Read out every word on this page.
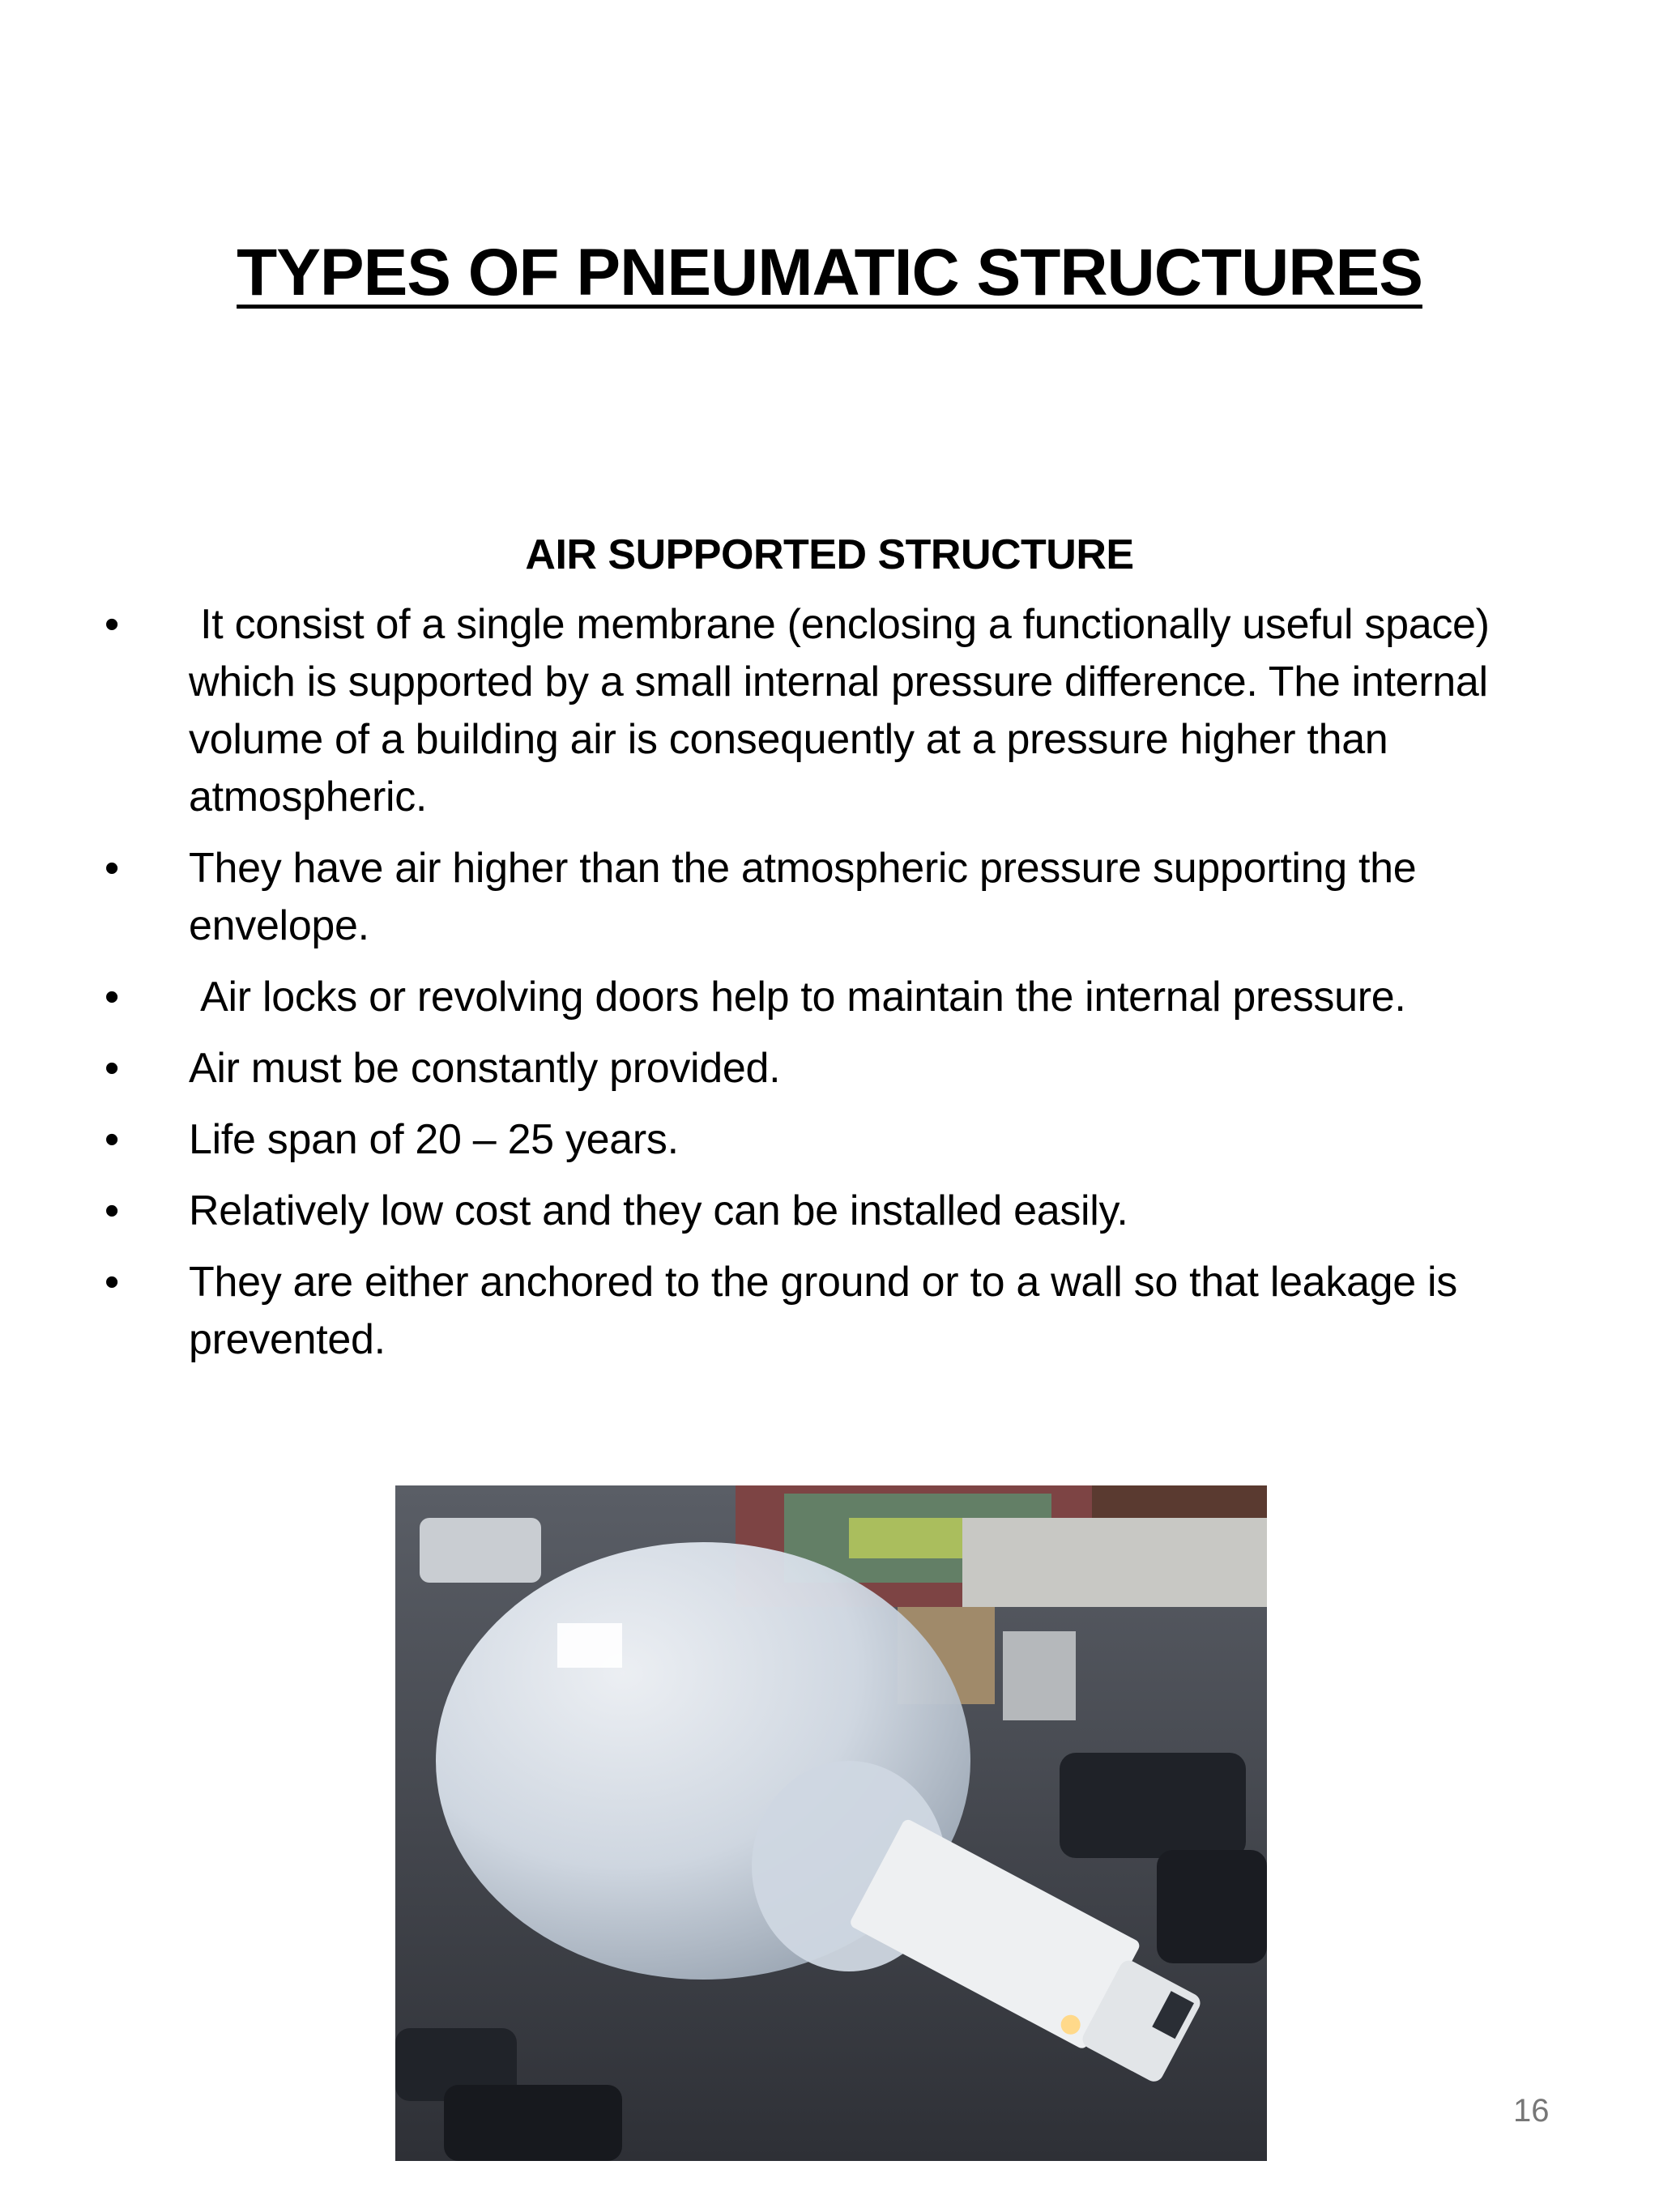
TYPES OF PNEUMATIC STRUCTURES
AIR SUPPORTED STRUCTURE
• It consist of a single membrane (enclosing a functionally useful space) which is supported by a small internal pressure difference. The internal volume of a building air is consequently at a pressure higher than atmospheric.
• They have air higher than the atmospheric pressure supporting the envelope.
• Air locks or revolving doors help to maintain the internal pressure.
• Air must be constantly provided.
• Life span of 20 – 25 years.
• Relatively low cost and they can be installed easily.
• They are either anchored to the ground or to a wall so that leakage is prevented.
16
